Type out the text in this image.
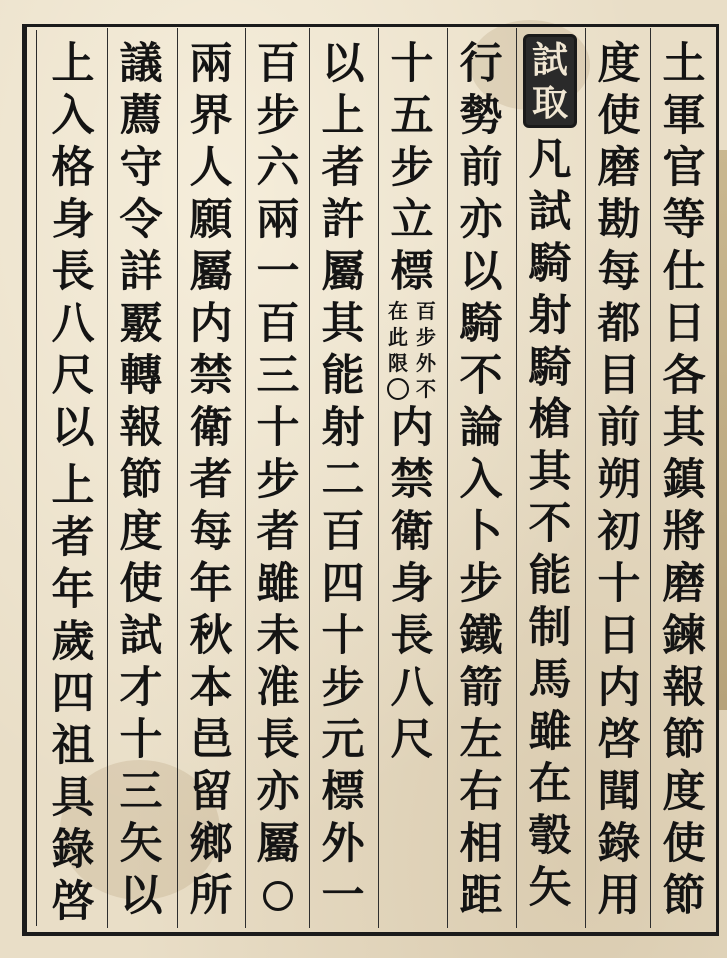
土
軍
官
等
仕
日
各
其
鎮
將
磨
鍊
報
節
度
使
節
度
使
磨
勘
每
都
目
前
朔
初
十
日
内
啓
聞
錄
用
試
取
凡
試
騎
射
騎
槍
其
不
能
制
馬
雖
在
彀
矢
行
勢
前
亦
以
騎
不
論
入
卜
步
鐵
箭
左
右
相
距
十
五
步
立
標
在
此
限
百
步
外
不
内
禁
衛
身
長
八
尺
以
上
者
許
屬
其
能
射
二
百
四
十
步
元
標
外
一
百
步
六
兩
一
百
三
十
步
者
雖
未
准
長
亦
屬
兩
界
人
願
屬
内
禁
衛
者
每
年
秋
本
邑
留
鄉
所
議
薦
守
令
詳
覈
轉
報
節
度
使
試
才
十
三
矢
以
上
入
格
身
長
八
尺
以
上
者
年
歲
四
祖
具
錄
啓
